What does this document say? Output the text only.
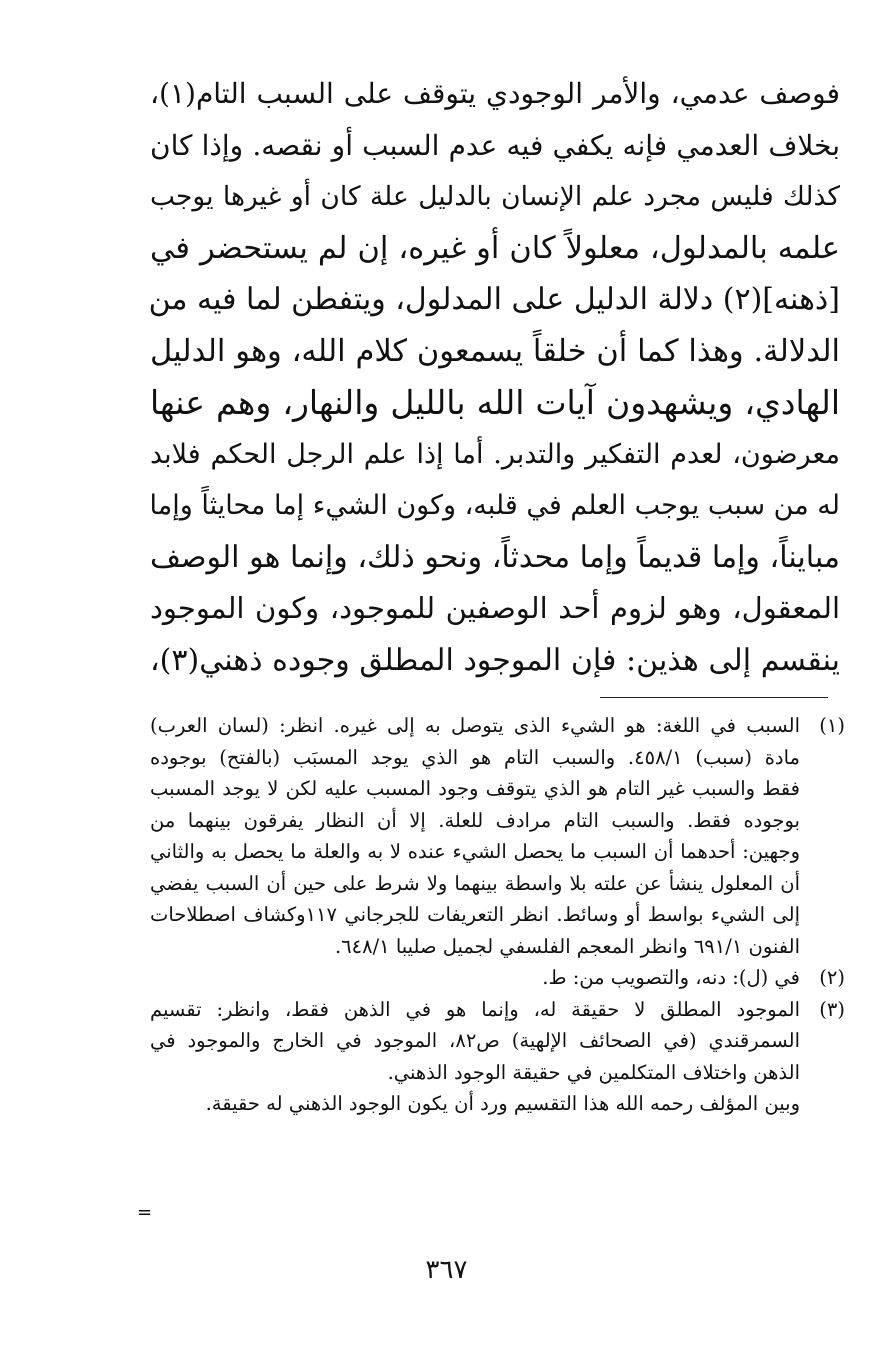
فوصف عدمي، والأمر الوجودي يتوقف على السبب التام(١)،
بخلاف العدمي فإنه يكفي فيه عدم السبب أو نقصه. وإذا كان
كذلك فليس مجرد علم الإنسان بالدليل علة كان أو غيرها يوجب
علمه بالمدلول، معلولاً كان أو غيره، إن لم يستحضر في
[ذهنه](٢) دلالة الدليل على المدلول، ويتفطن لما فيه من
الدلالة. وهذا كما أن خلقاً يسمعون كلام الله، وهو الدليل
الهادي، ويشهدون آيات الله بالليل والنهار، وهم عنها
معرضون، لعدم التفكير والتدبر. أما إذا علم الرجل الحكم فلابد
له من سبب يوجب العلم في قلبه، وكون الشيء إما محايثاً وإما
مبايناً، وإما قديماً وإما محدثاً، ونحو ذلك، وإنما هو الوصف
المعقول، وهو لزوم أحد الوصفين للموجود، وكون الموجود
ينقسم إلى هذين: فإن الموجود المطلق وجوده ذهني(٣)،
(١)
السبب في اللغة: هو الشيء الذى يتوصل به إلى غيره. انظر: (لسان العرب)
مادة (سبب) ٤٥٨/١. والسبب التام هو الذي يوجد المسبَب (بالفتح) بوجوده
فقط والسبب غير التام هو الذي يتوقف وجود المسبب عليه لكن لا يوجد المسبب
بوجوده فقط. والسبب التام مرادف للعلة. إلا أن النظار يفرقون بينهما من
وجهين: أحدهما أن السبب ما يحصل الشيء عنده لا به والعلة ما يحصل به والثاني
أن المعلول ينشأ عن علته بلا واسطة بينهما ولا شرط على حين أن السبب يفضي
إلى الشيء بواسط أو وسائط. انظر التعريفات للجرجاني ١١٧وكشاف اصطلاحات
الفنون ٦٩١/١ وانظر المعجم الفلسفي لجميل صليبا ٦٤٨/١.
(٢)
في (ل): دنه، والتصويب من: ط.
(٣)
الموجود المطلق لا حقيقة له، وإنما هو في الذهن فقط، وانظر: تقسيم
السمرقندي (في الصحائف الإلهية) ص٨٢، الموجود في الخارج والموجود في
الذهن واختلاف المتكلمين في حقيقة الوجود الذهني.
وبين المؤلف رحمه الله هذا التقسيم ورد أن يكون الوجود الذهني له حقيقة.
=
٣٦٧
